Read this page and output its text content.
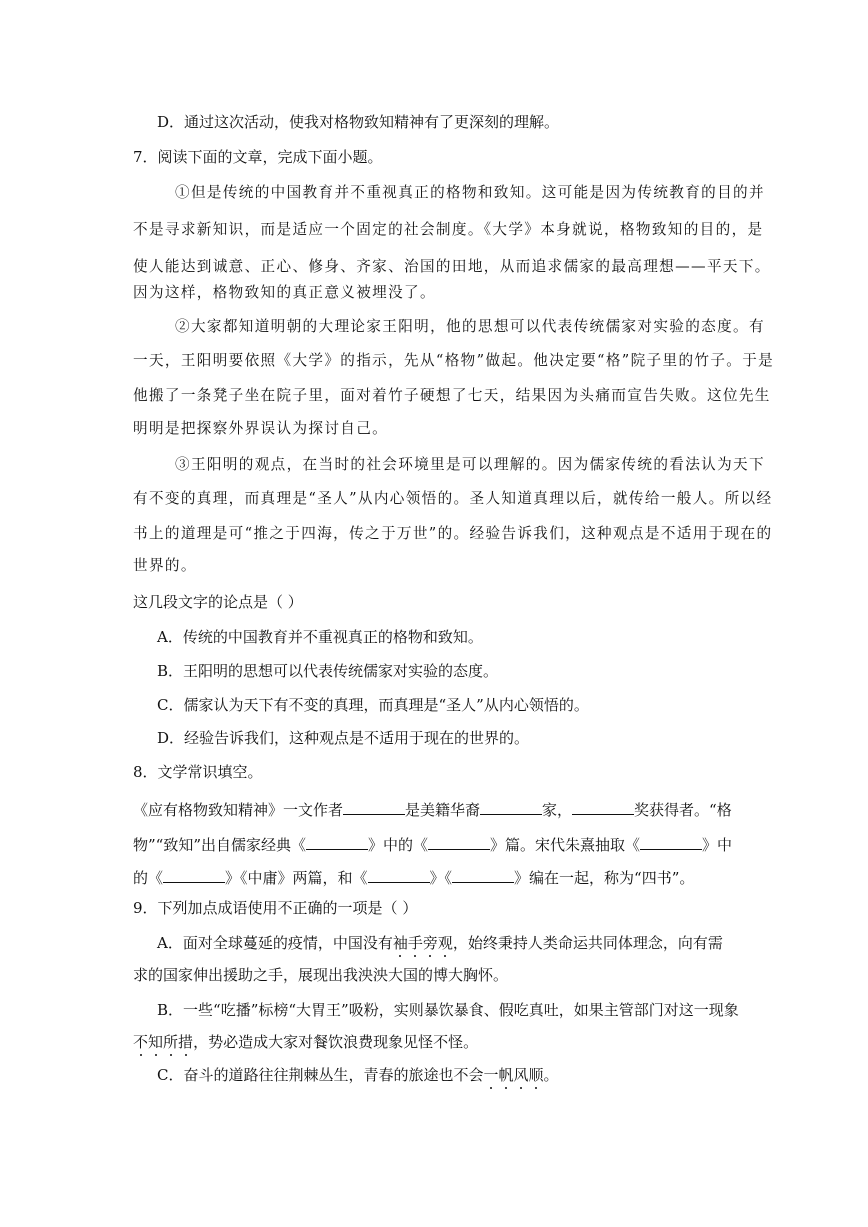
D．通过这次活动，使我对格物致知精神有了更深刻的理解。
7．阅读下面的文章，完成下面小题。
①但是传统的中国教育并不重视真正的格物和致知。这可能是因为传统教育的目的并
不是寻求新知识，而是适应一个固定的社会制度。《大学》本身就说，格物致知的目的，是
使人能达到诚意、正心、修身、齐家、治国的田地，从而追求儒家的最高理想——平天下。
因为这样，格物致知的真正意义被埋没了。
②大家都知道明朝的大理论家王阳明，他的思想可以代表传统儒家对实验的态度。有
一天，王阳明要依照《大学》的指示，先从“格物”做起。他决定要“格”院子里的竹子。于是
他搬了一条凳子坐在院子里，面对着竹子硬想了七天，结果因为头痛而宣告失败。这位先生
明明是把探察外界误认为探讨自己。
③王阳明的观点，在当时的社会环境里是可以理解的。因为儒家传统的看法认为天下
有不变的真理，而真理是“圣人”从内心领悟的。圣人知道真理以后，就传给一般人。所以经
书上的道理是可“推之于四海，传之于万世”的。经验告诉我们，这种观点是不适用于现在的
世界的。
这几段文字的论点是（ ）
A．传统的中国教育并不重视真正的格物和致知。
B．王阳明的思想可以代表传统儒家对实验的态度。
C．儒家认为天下有不变的真理，而真理是“圣人”从内心领悟的。
D．经验告诉我们，这种观点是不适用于现在的世界的。
8．文学常识填空。
《应有格物致知精神》一文作者	是美籍华裔	家，	奖获得者。“格
物”“致知”出自儒家经典《	》中的《	》篇。宋代朱熹抽取《	》中
的《	》《中庸》两篇，和《	》《	》编在一起，称为“四书”。
9．下列加点成语使用不正确的一项是（ ）
A．面对全球蔓延的疫情，中国没有袖手旁观，始终秉持人类命运共同体理念，向有需
求的国家伸出援助之手，展现出我泱泱大国的博大胸怀。
B．一些“吃播”标榜“大胃王”吸粉，实则暴饮暴食、假吃真吐，如果主管部门对这一现象
不知所措，势必造成大家对餐饮浪费现象见怪不怪。
C．奋斗的道路往往荆棘丛生，青春的旅途也不会一帆风顺。
